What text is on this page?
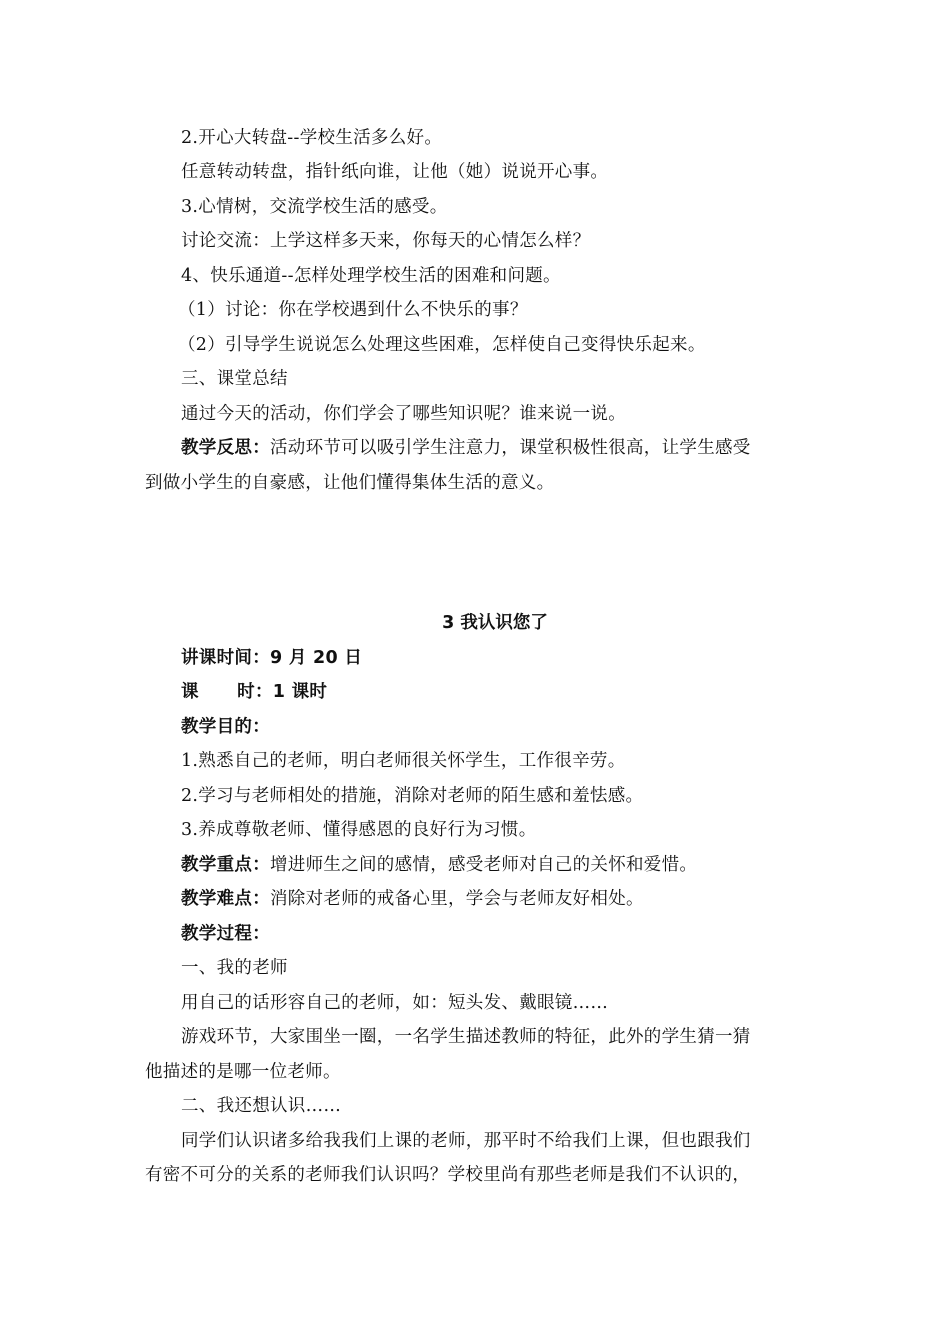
2.开心大转盘--学校生活多么好。
任意转动转盘，指针纸向谁，让他（她）说说开心事。
3.心情树，交流学校生活的感受。
讨论交流：上学这样多天来，你每天的心情怎么样？
4、快乐通道--怎样处理学校生活的困难和问题。
（1）讨论：你在学校遇到什么不快乐的事？
（2）引导学生说说怎么处理这些困难，怎样使自己变得快乐起来。
三、课堂总结
通过今天的活动，你们学会了哪些知识呢？谁来说一说。
教学反思：活动环节可以吸引学生注意力，课堂积极性很高，让学生感受
到做小学生的自豪感，让他们懂得集体生活的意义。
3 我认识您了
讲课时间：9 月 20 日
课      时：1 课时
教学目的：
1.熟悉自己的老师，明白老师很关怀学生，工作很辛劳。
2.学习与老师相处的措施，消除对老师的陌生感和羞怯感。
3.养成尊敬老师、懂得感恩的良好行为习惯。
教学重点：增进师生之间的感情，感受老师对自己的关怀和爱惜。
教学难点：消除对老师的戒备心里，学会与老师友好相处。
教学过程：
一、我的老师
用自己的话形容自己的老师，如：短头发、戴眼镜……
游戏环节，大家围坐一圈，一名学生描述教师的特征，此外的学生猜一猜
他描述的是哪一位老师。
二、我还想认识……
同学们认识诸多给我我们上课的老师，那平时不给我们上课，但也跟我们
有密不可分的关系的老师我们认识吗？学校里尚有那些老师是我们不认识的，
